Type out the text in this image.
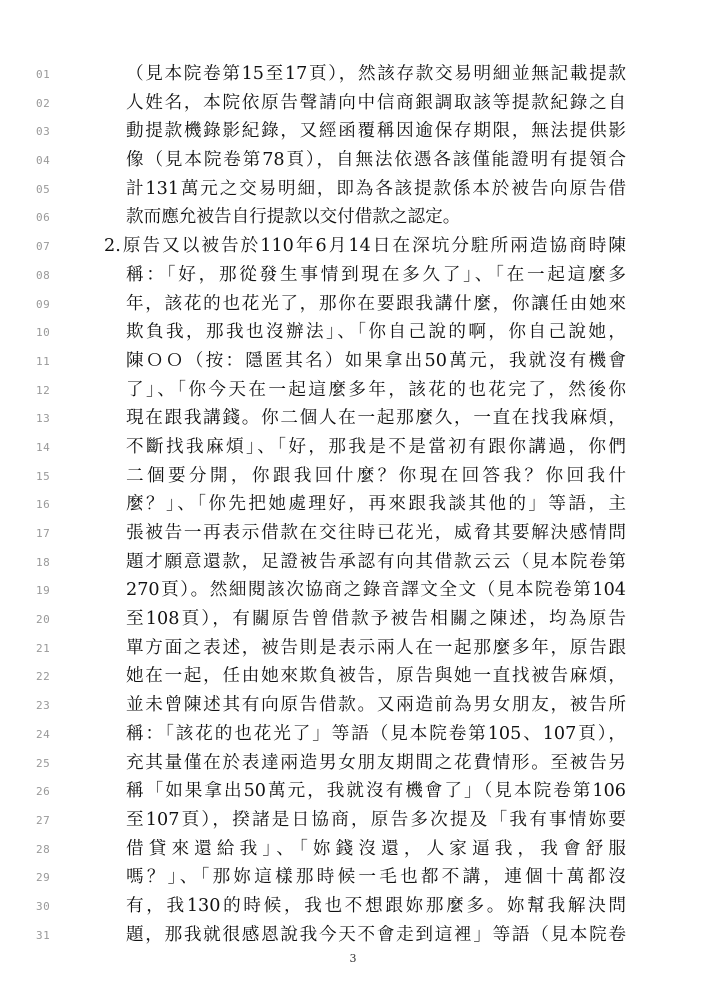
01	（見本院卷第15至17頁），然該存款交易明細並無記載提款
02	人姓名，本院依原告聲請向中信商銀調取該等提款紀錄之自
03	動提款機錄影紀錄，又經函覆稱因逾保存期限，無法提供影
04	像（見本院卷第78頁），自無法依憑各該僅能證明有提領合
05	計131萬元之交易明細，即為各該提款係本於被告向原告借
06	款而應允被告自行提款以交付借款之認定。
07	2.原告又以被告於110年6月14日在深坑分駐所兩造協商時陳
08	稱：「好，那從發生事情到現在多久了」、「在一起這麼多
09	年，該花的也花光了，那你在要跟我講什麼，你讓任由她來
10	欺負我，那我也沒辦法」、「你自己說的啊，你自己說她，
11	陳ＯＯ（按：隱匿其名）如果拿出50萬元，我就沒有機會
12	了」、「你今天在一起這麼多年，該花的也花完了，然後你
13	現在跟我講錢。你二個人在一起那麼久，一直在找我麻煩，
14	不斷找我麻煩」、「好，那我是不是當初有跟你講過，你們
15	二個要分開，你跟我回什麼？你現在回答我？你回我什
16	麼？」、「你先把她處理好，再來跟我談其他的」等語，主
17	張被告一再表示借款在交往時已花光，威脅其要解決感情問
18	題才願意還款，足證被告承認有向其借款云云（見本院卷第
19	270頁）。然細閱該次協商之錄音譯文全文（見本院卷第104
20	至108頁），有關原告曾借款予被告相關之陳述，均為原告
21	單方面之表述，被告則是表示兩人在一起那麼多年，原告跟
22	她在一起，任由她來欺負被告，原告與她一直找被告麻煩，
23	並未曾陳述其有向原告借款。又兩造前為男女朋友，被告所
24	稱：「該花的也花光了」等語（見本院卷第105、107頁），
25	充其量僅在於表達兩造男女朋友期間之花費情形。至被告另
26	稱「如果拿出50萬元，我就沒有機會了」（見本院卷第106
27	至107頁），揆諸是日協商，原告多次提及「我有事情妳要
28	借貸來還給我」、「妳錢沒還，人家逼我，我會舒服
29	嗎？」、「那妳這樣那時候一毛也都不講，連個十萬都沒
30	有，我130的時候，我也不想跟妳那麼多。妳幫我解決問
31	題，那我就很感恩說我今天不會走到這裡」等語（見本院卷
3
